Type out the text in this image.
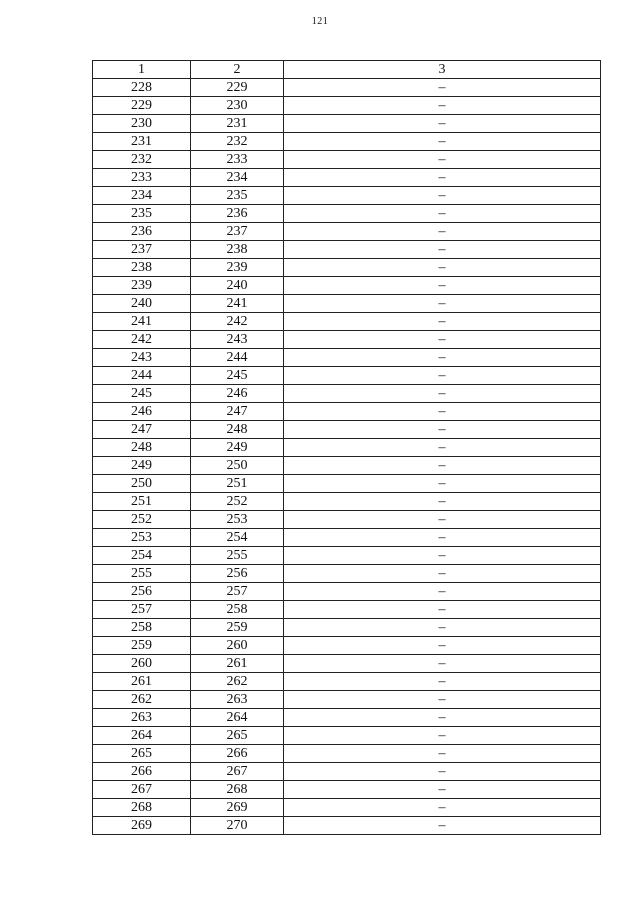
121
1	2	3
228	229	–
229	230	–
230	231	–
231	232	–
232	233	–
233	234	–
234	235	–
235	236	–
236	237	–
237	238	–
238	239	–
239	240	–
240	241	–
241	242	–
242	243	–
243	244	–
244	245	–
245	246	–
246	247	–
247	248	–
248	249	–
249	250	–
250	251	–
251	252	–
252	253	–
253	254	–
254	255	–
255	256	–
256	257	–
257	258	–
258	259	–
259	260	–
260	261	–
261	262	–
262	263	–
263	264	–
264	265	–
265	266	–
266	267	–
267	268	–
268	269	–
269	270	–
